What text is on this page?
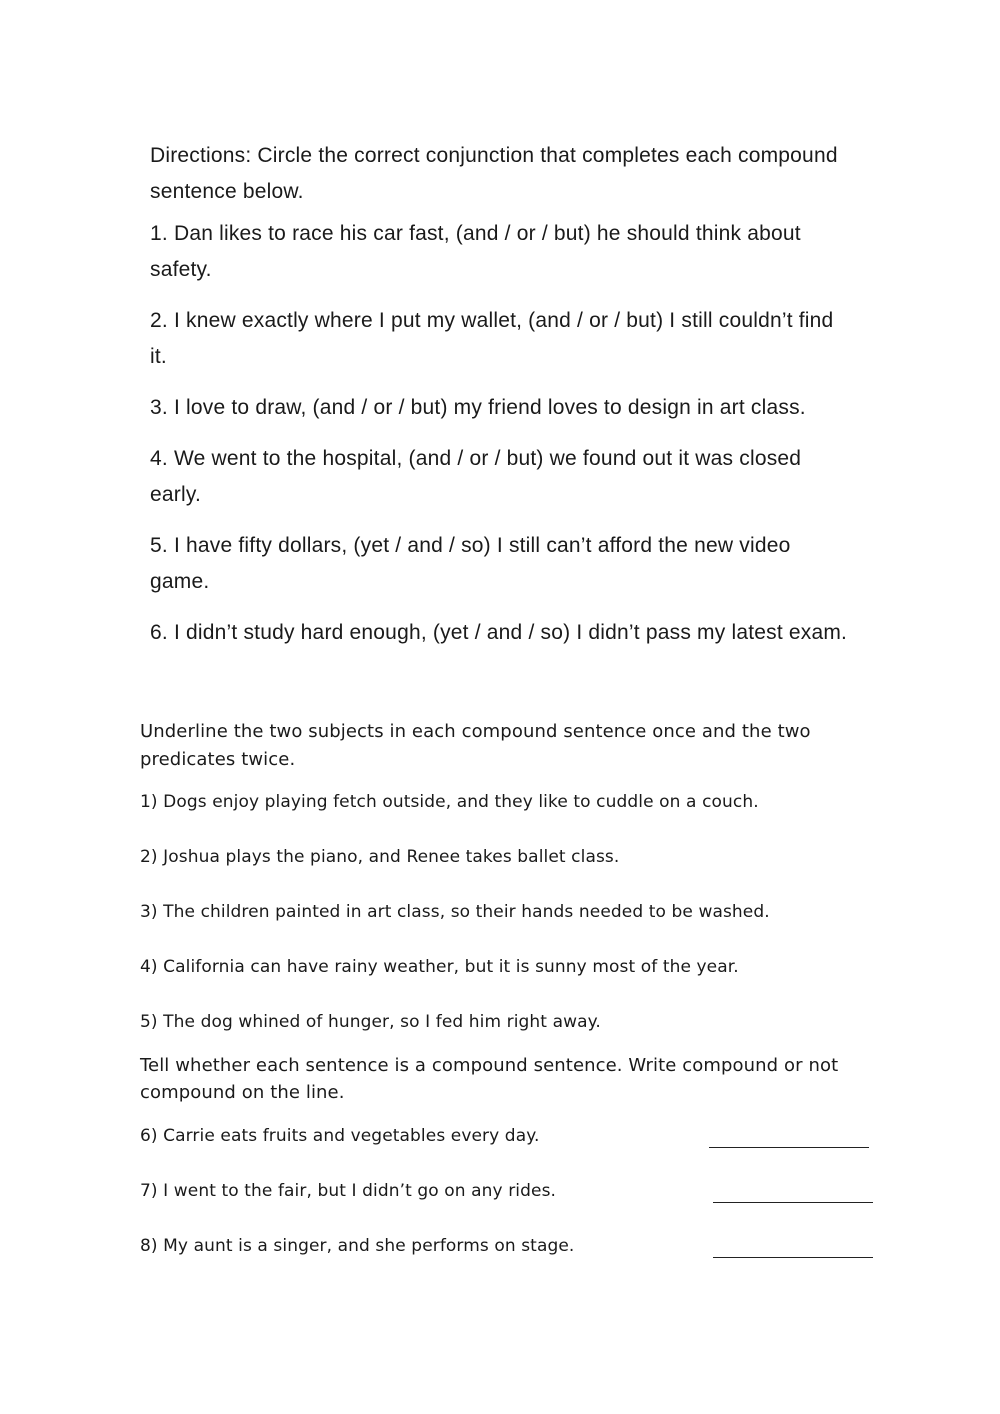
Directions: Circle the correct conjunction that completes each compound sentence below.

1. Dan likes to race his car fast, (and / or / but) he should think about safety.

2. I knew exactly where I put my wallet, (and / or / but) I still couldn’t find it.

3. I love to draw, (and / or / but) my friend loves to design in art class.

4. We went to the hospital, (and / or / but) we found out it was closed early.

5. I have fifty dollars, (yet / and / so) I still can’t afford the new video game.

6. I didn’t study hard enough, (yet / and / so) I didn’t pass my latest exam.

Underline the two subjects in each compound sentence once and the two predicates twice.

1) Dogs enjoy playing fetch outside, and they like to cuddle on a couch.

2) Joshua plays the piano, and Renee takes ballet class.

3) The children painted in art class, so their hands needed to be washed.

4) California can have rainy weather, but it is sunny most of the year.

5) The dog whined of hunger, so I fed him right away.

Tell whether each sentence is a compound sentence. Write compound or not compound on the line.

6) Carrie eats fruits and vegetables every day.
7) I went to the fair, but I didn’t go on any rides.
8) My aunt is a singer, and she performs on stage.
